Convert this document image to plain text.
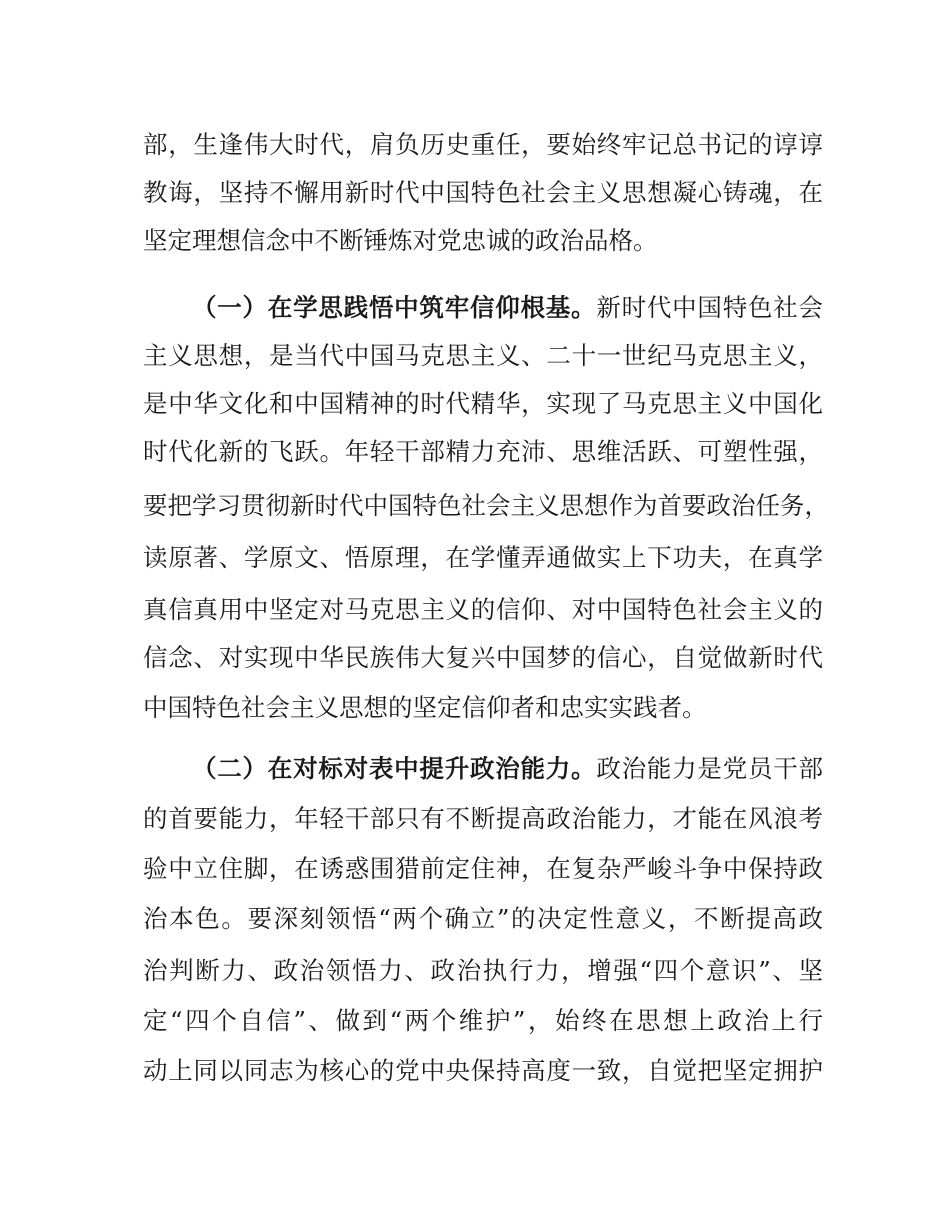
部，生逢伟大时代，肩负历史重任，要始终牢记总书记的谆谆
教诲，坚持不懈用新时代中国特色社会主义思想凝心铸魂，在
坚定理想信念中不断锤炼对党忠诚的政治品格。
（一）在学思践悟中筑牢信仰根基。新时代中国特色社会
主义思想，是当代中国马克思主义、二十一世纪马克思主义，
是中华文化和中国精神的时代精华，实现了马克思主义中国化
时代化新的飞跃。年轻干部精力充沛、思维活跃、可塑性强，
要把学习贯彻新时代中国特色社会主义思想作为首要政治任务，
读原著、学原文、悟原理，在学懂弄通做实上下功夫，在真学
真信真用中坚定对马克思主义的信仰、对中国特色社会主义的
信念、对实现中华民族伟大复兴中国梦的信心，自觉做新时代
中国特色社会主义思想的坚定信仰者和忠实实践者。
（二）在对标对表中提升政治能力。政治能力是党员干部
的首要能力，年轻干部只有不断提高政治能力，才能在风浪考
验中立住脚，在诱惑围猎前定住神，在复杂严峻斗争中保持政
治本色。要深刻领悟“两个确立”的决定性意义，不断提高政
治判断力、政治领悟力、政治执行力，增强“四个意识”、坚
定“四个自信”、做到“两个维护”，始终在思想上政治上行
动上同以同志为核心的党中央保持高度一致，自觉把坚定拥护
